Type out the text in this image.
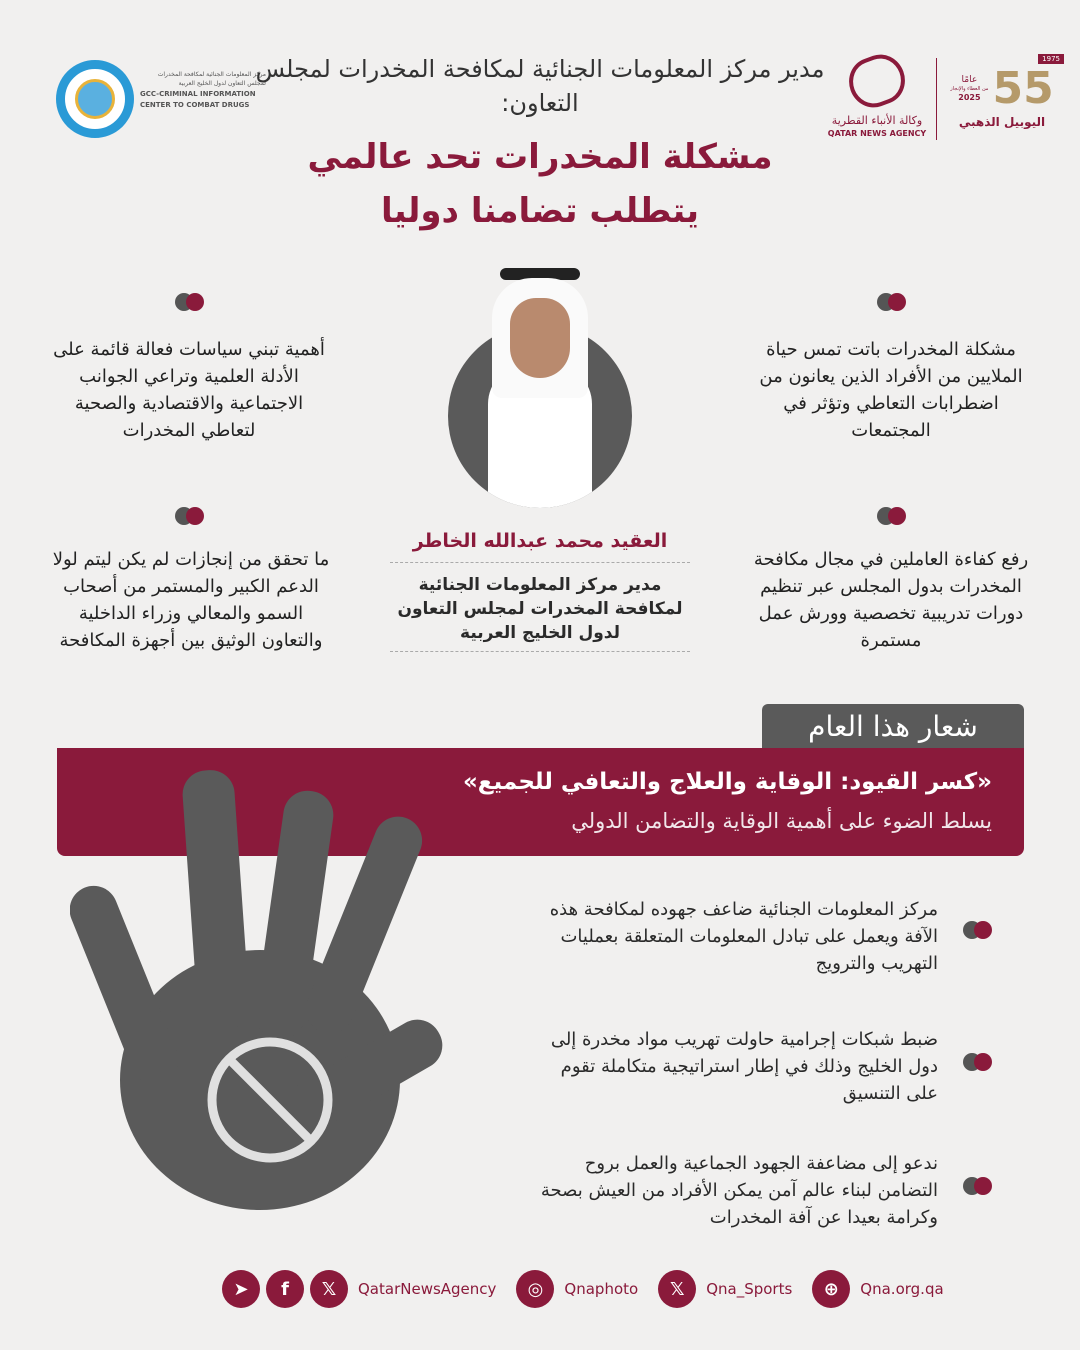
مركز المعلومات الجنائية لمكافحة المخدرات لمجلس التعاون لدول الخليج العربية
GCC-CRIMINAL INFORMATION
CENTER TO COMBAT DRUGS
وكالة الأنباء القطرية
QATAR NEWS AGENCY
1975
عامًا
من العطاء والإنجاز
2025 55
اليوبيل الذهبي
مدير مركز المعلومات الجنائية لمكافحة المخدرات لمجلس التعاون:
مشكلة المخدرات تحد عالمي
يتطلب تضامنا دوليا
مشكلة المخدرات باتت تمس حياة الملايين من الأفراد الذين يعانون من اضطرابات التعاطي وتؤثر في المجتمعات
أهمية تبني سياسات فعالة قائمة على الأدلة العلمية وتراعي الجوانب الاجتماعية والاقتصادية والصحية لتعاطي المخدرات
رفع كفاءة العاملين في مجال مكافحة المخدرات بدول المجلس عبر تنظيم دورات تدريبية تخصصية وورش عمل مستمرة
ما تحقق من إنجازات لم يكن ليتم لولا الدعم الكبير والمستمر من أصحاب السمو والمعالي وزراء الداخلية والتعاون الوثيق بين أجهزة المكافحة
العقيد محمد عبدالله الخاطر
مدير مركز المعلومات الجنائية لمكافحة المخدرات لمجلس التعاون لدول الخليج العربية
شعار هذا العام
«كسر القيود: الوقاية والعلاج والتعافي للجميع»
يسلط الضوء على أهمية الوقاية والتضامن الدولي
مركز المعلومات الجنائية ضاعف جهوده لمكافحة هذه الآفة ويعمل على تبادل المعلومات المتعلقة بعمليات التهريب والترويج
ضبط شبكات إجرامية حاولت تهريب مواد مخدرة إلى دول الخليج وذلك في إطار استراتيجية متكاملة تقوم على التنسيق
ندعو إلى مضاعفة الجهود الجماعية والعمل بروح التضامن لبناء عالم آمن يمكن الأفراد من العيش بصحة وكرامة بعيدا عن آفة المخدرات
➤	f	𝕏	QatarNewsAgency	◎	Qnaphoto	𝕏	Qna_Sports	⊕	Qna.org.qa
